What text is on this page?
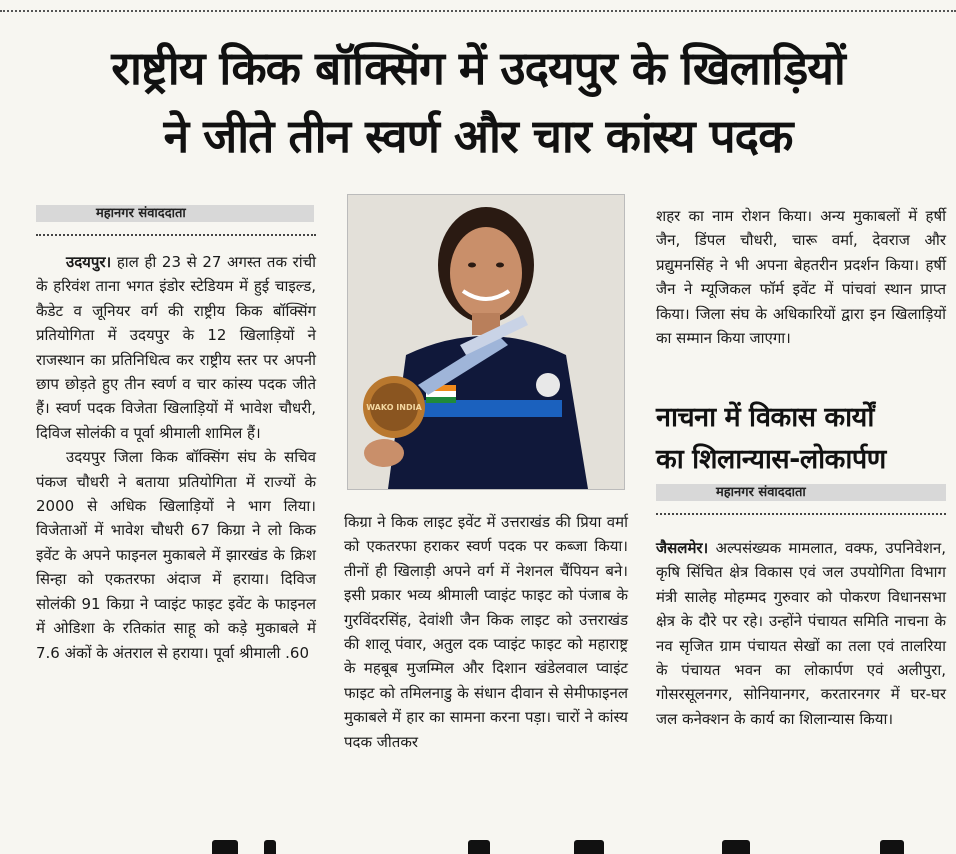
राष्ट्रीय किक बॉक्सिंग में उदयपुर के खिलाड़ियों
ने जीते तीन स्वर्ण और चार कांस्य पदक
महानगर संवाददाता

उदयपुर। हाल ही 23 से 27 अगस्त तक रांची के हरिवंश ताना भगत इंडोर स्टेडियम में हुई चाइल्ड, कैडेट व जूनियर वर्ग की राष्ट्रीय किक बॉक्सिंग प्रतियोगिता में उदयपुर के 12 खिलाड़ियों ने राजस्थान का प्रतिनिधित्व कर राष्ट्रीय स्तर पर अपनी छाप छोड़ते हुए तीन स्वर्ण व चार कांस्य पदक जीते हैं। स्वर्ण पदक विजेता खिलाड़ियों में भावेश चौधरी, दिविज सोलंकी व पूर्वा श्रीमाली शामिल हैं।

उदयपुर जिला किक बॉक्सिंग संघ के सचिव पंकज चौधरी ने बताया प्रतियोगिता में राज्यों के 2000 से अधिक खिलाड़ियों ने भाग लिया। विजेताओं में भावेश चौधरी 67 किग्रा ने लो किक इवेंट के अपने फाइनल मुकाबले में झारखंड के क्रिश सिन्हा को एकतरफा अंदाज में हराया। दिविज सोलंकी 91 किग्रा ने प्वाइंट फाइट इवेंट के फाइनल में ओडिशा के रतिकांत साहू को कड़े मुकाबले में 7.6 अंकों के अंतराल से हराया। पूर्वा श्रीमाली .60

WAKO INDIA

किग्रा ने किक लाइट इवेंट में उत्तराखंड की प्रिया वर्मा को एकतरफा हराकर स्वर्ण पदक पर कब्जा किया। तीनों ही खिलाड़ी अपने वर्ग में नेशनल चैंपियन बने। इसी प्रकार भव्य श्रीमाली प्वाइंट फाइट को पंजाब के गुरविंदरसिंह, देवांशी जैन किक लाइट को उत्तराखंड की शालू पंवार, अतुल दक प्वाइंट फाइट को महाराष्ट्र के महबूब मुजम्मिल और दिशान खंडेलवाल प्वाइंट फाइट को तमिलनाडु के संधान दीवान से सेमीफाइनल मुकाबले में हार का सामना करना पड़ा। चारों ने कांस्य पदक जीतकर

शहर का नाम रोशन किया। अन्य मुकाबलों में हर्षी जैन, डिंपल चौधरी, चारू वर्मा, देवराज और प्रद्युमनसिंह ने भी अपना बेहतरीन प्रदर्शन किया। हर्षी जैन ने म्यूजिकल फॉर्म इवेंट में पांचवां स्थान प्राप्त किया। जिला संघ के अधिकारियों द्वारा इन खिलाड़ियों का सम्मान किया जाएगा।

नाचना में विकास कार्यों
का शिलान्यास-लोकार्पण
महानगर संवाददाता

जैसलमेर। अल्पसंख्यक मामलात, वक्फ, उपनिवेशन, कृषि सिंचित क्षेत्र विकास एवं जल उपयोगिता विभाग मंत्री सालेह मोहम्मद गुरुवार को पोकरण विधानसभा क्षेत्र के दौरे पर रहे। उन्होंने पंचायत समिति नाचना के नव सृजित ग्राम पंचायत सेखों का तला एवं तालरिया के पंचायत भवन का लोकार्पण एवं अलीपुरा, गोसरसूलनगर, सोनियानगर, करतारनगर में घर-घर जल कनेक्शन के कार्य का शिलान्यास किया।
